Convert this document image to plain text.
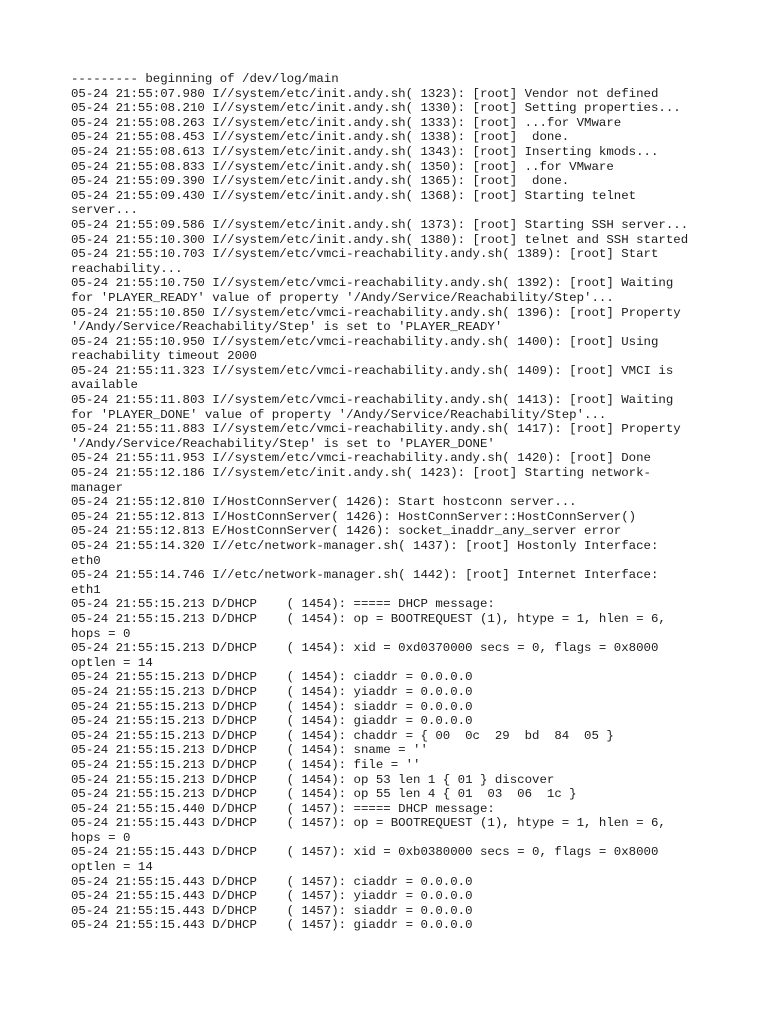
--------- beginning of /dev/log/main
05-24 21:55:07.980 I//system/etc/init.andy.sh( 1323): [root] Vendor not defined
05-24 21:55:08.210 I//system/etc/init.andy.sh( 1330): [root] Setting properties...
05-24 21:55:08.263 I//system/etc/init.andy.sh( 1333): [root] ...for VMware
05-24 21:55:08.453 I//system/etc/init.andy.sh( 1338): [root]  done.
05-24 21:55:08.613 I//system/etc/init.andy.sh( 1343): [root] Inserting kmods...
05-24 21:55:08.833 I//system/etc/init.andy.sh( 1350): [root] ..for VMware
05-24 21:55:09.390 I//system/etc/init.andy.sh( 1365): [root]  done.
05-24 21:55:09.430 I//system/etc/init.andy.sh( 1368): [root] Starting telnet
server...
05-24 21:55:09.586 I//system/etc/init.andy.sh( 1373): [root] Starting SSH server...
05-24 21:55:10.300 I//system/etc/init.andy.sh( 1380): [root] telnet and SSH started
05-24 21:55:10.703 I//system/etc/vmci-reachability.andy.sh( 1389): [root] Start
reachability...
05-24 21:55:10.750 I//system/etc/vmci-reachability.andy.sh( 1392): [root] Waiting
for 'PLAYER_READY' value of property '/Andy/Service/Reachability/Step'...
05-24 21:55:10.850 I//system/etc/vmci-reachability.andy.sh( 1396): [root] Property
'/Andy/Service/Reachability/Step' is set to 'PLAYER_READY'
05-24 21:55:10.950 I//system/etc/vmci-reachability.andy.sh( 1400): [root] Using
reachability timeout 2000
05-24 21:55:11.323 I//system/etc/vmci-reachability.andy.sh( 1409): [root] VMCI is
available
05-24 21:55:11.803 I//system/etc/vmci-reachability.andy.sh( 1413): [root] Waiting
for 'PLAYER_DONE' value of property '/Andy/Service/Reachability/Step'...
05-24 21:55:11.883 I//system/etc/vmci-reachability.andy.sh( 1417): [root] Property
'/Andy/Service/Reachability/Step' is set to 'PLAYER_DONE'
05-24 21:55:11.953 I//system/etc/vmci-reachability.andy.sh( 1420): [root] Done
05-24 21:55:12.186 I//system/etc/init.andy.sh( 1423): [root] Starting network-
manager
05-24 21:55:12.810 I/HostConnServer( 1426): Start hostconn server...
05-24 21:55:12.813 I/HostConnServer( 1426): HostConnServer::HostConnServer()
05-24 21:55:12.813 E/HostConnServer( 1426): socket_inaddr_any_server error
05-24 21:55:14.320 I//etc/network-manager.sh( 1437): [root] Hostonly Interface:
eth0
05-24 21:55:14.746 I//etc/network-manager.sh( 1442): [root] Internet Interface:
eth1
05-24 21:55:15.213 D/DHCP    ( 1454): ===== DHCP message:
05-24 21:55:15.213 D/DHCP    ( 1454): op = BOOTREQUEST (1), htype = 1, hlen = 6,
hops = 0
05-24 21:55:15.213 D/DHCP    ( 1454): xid = 0xd0370000 secs = 0, flags = 0x8000
optlen = 14
05-24 21:55:15.213 D/DHCP    ( 1454): ciaddr = 0.0.0.0
05-24 21:55:15.213 D/DHCP    ( 1454): yiaddr = 0.0.0.0
05-24 21:55:15.213 D/DHCP    ( 1454): siaddr = 0.0.0.0
05-24 21:55:15.213 D/DHCP    ( 1454): giaddr = 0.0.0.0
05-24 21:55:15.213 D/DHCP    ( 1454): chaddr = { 00  0c  29  bd  84  05 }
05-24 21:55:15.213 D/DHCP    ( 1454): sname = ''
05-24 21:55:15.213 D/DHCP    ( 1454): file = ''
05-24 21:55:15.213 D/DHCP    ( 1454): op 53 len 1 { 01 } discover
05-24 21:55:15.213 D/DHCP    ( 1454): op 55 len 4 { 01  03  06  1c }
05-24 21:55:15.440 D/DHCP    ( 1457): ===== DHCP message:
05-24 21:55:15.443 D/DHCP    ( 1457): op = BOOTREQUEST (1), htype = 1, hlen = 6,
hops = 0
05-24 21:55:15.443 D/DHCP    ( 1457): xid = 0xb0380000 secs = 0, flags = 0x8000
optlen = 14
05-24 21:55:15.443 D/DHCP    ( 1457): ciaddr = 0.0.0.0
05-24 21:55:15.443 D/DHCP    ( 1457): yiaddr = 0.0.0.0
05-24 21:55:15.443 D/DHCP    ( 1457): siaddr = 0.0.0.0
05-24 21:55:15.443 D/DHCP    ( 1457): giaddr = 0.0.0.0
